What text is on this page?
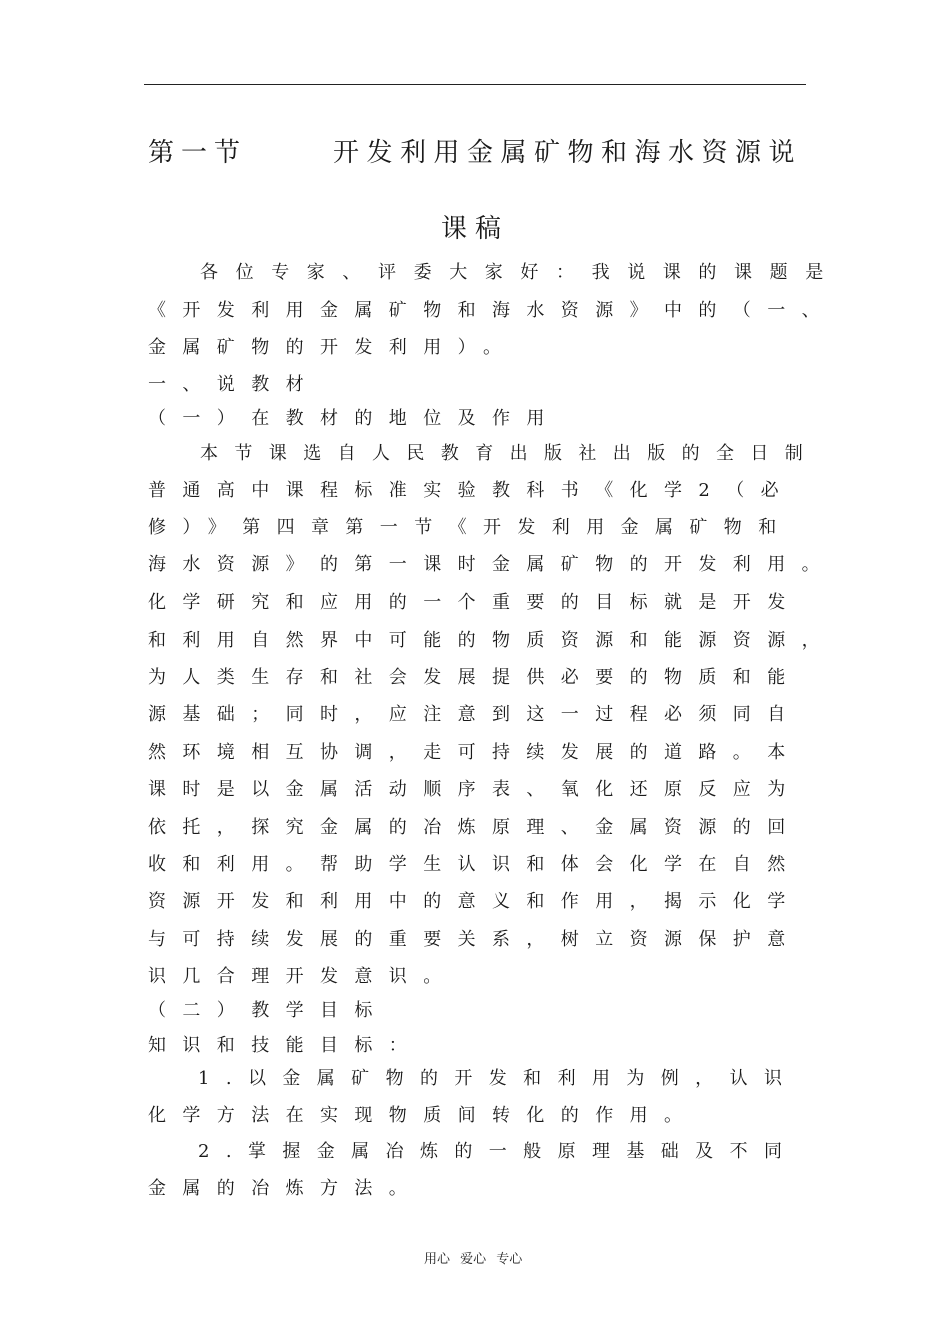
第一节	开发利用金属矿物和海水资源说
课稿
各位专家、评委大家好：我说课的课题是
《开发利用金属矿物和海水资源》中的（一、
金属矿物的开发利用）。
一、说教材
（一）在教材的地位及作用
本节课选自人民教育出版社出版的全日制
普通高中课程标准实验教科书《化学2（必
修）》第四章第一节《开发利用金属矿物和
海水资源》的第一课时金属矿物的开发利用。
化学研究和应用的一个重要的目标就是开发
和利用自然界中可能的物质资源和能源资源，
为人类生存和社会发展提供必要的物质和能
源基础；同时，应注意到这一过程必须同自
然环境相互协调，走可持续发展的道路。本
课时是以金属活动顺序表、氧化还原反应为
依托，探究金属的冶炼原理、金属资源的回
收和利用。帮助学生认识和体会化学在自然
资源开发和利用中的意义和作用，揭示化学
与可持续发展的重要关系，树立资源保护意
识几合理开发意识。
（二）教学目标
知识和技能目标：
1.以金属矿物的开发和利用为例，认识
化学方法在实现物质间转化的作用。
2.掌握金属冶炼的一般原理基础及不同
金属的冶炼方法。
用心 爱心 专心
